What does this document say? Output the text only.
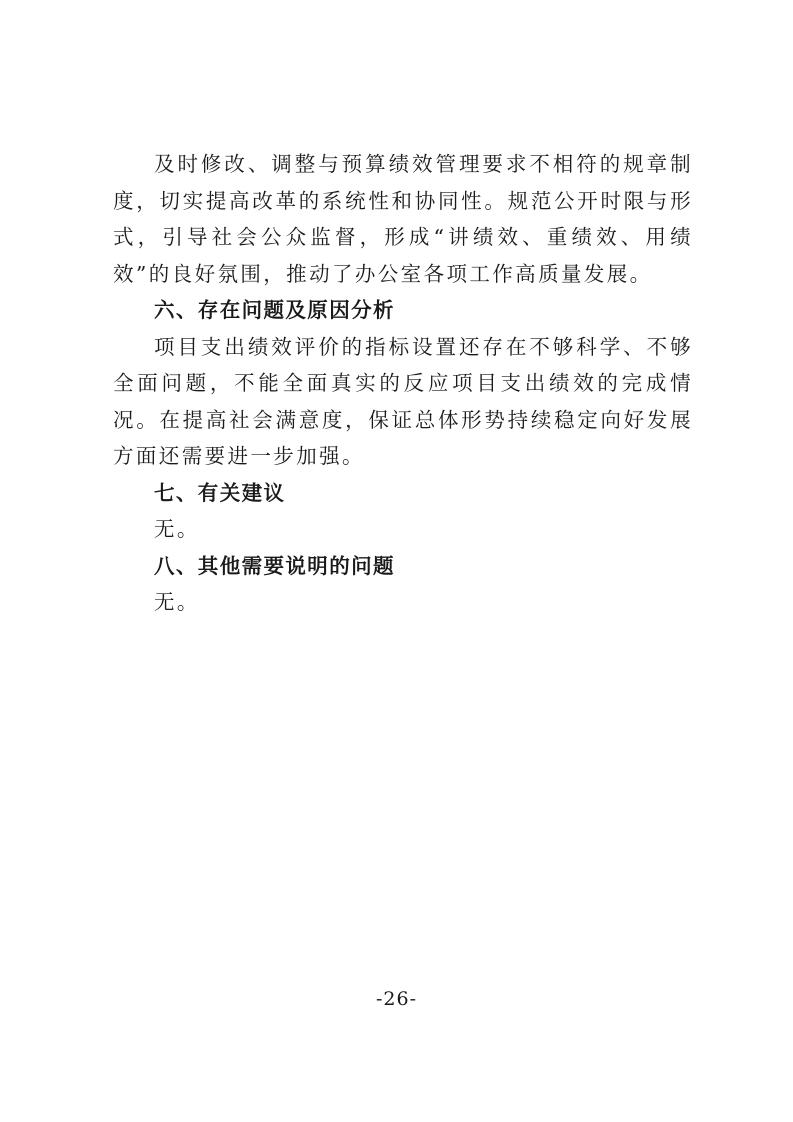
及时修改、调整与预算绩效管理要求不相符的规章制度，切实提高改革的系统性和协同性。规范公开时限与形式，引导社会公众监督，形成“讲绩效、重绩效、用绩效”的良好氛围，推动了办公室各项工作高质量发展。

六、存在问题及原因分析

项目支出绩效评价的指标设置还存在不够科学、不够全面问题，不能全面真实的反应项目支出绩效的完成情况。在提高社会满意度，保证总体形势持续稳定向好发展方面还需要进一步加强。

七、有关建议

无。

八、其他需要说明的问题

无。

-26-
